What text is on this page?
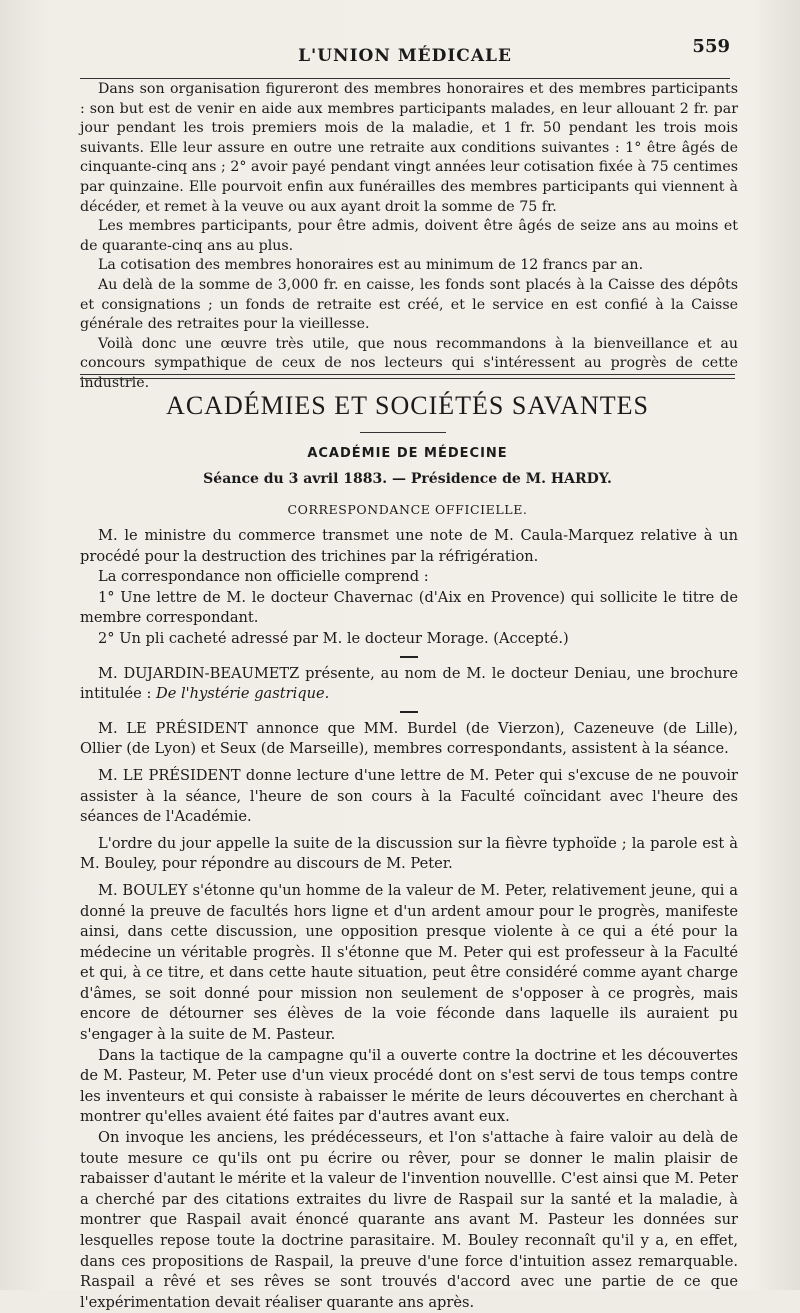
L'UNION MÉDICALE	559

Dans son organisation figureront des membres honoraires et des membres participants : son but est de venir en aide aux membres participants malades, en leur allouant 2 fr. par jour pendant les trois premiers mois de la maladie, et 1 fr. 50 pendant les trois mois suivants. Elle leur assure en outre une retraite aux conditions suivantes : 1° être âgés de cinquante-cinq ans ; 2° avoir payé pendant vingt années leur cotisation fixée à 75 centimes par quinzaine. Elle pourvoit enfin aux funérailles des membres participants qui viennent à décéder, et remet à la veuve ou aux ayant droit la somme de 75 fr.

Les membres participants, pour être admis, doivent être âgés de seize ans au moins et de quarante-cinq ans au plus.

La cotisation des membres honoraires est au minimum de 12 francs par an.

Au delà de la somme de 3,000 fr. en caisse, les fonds sont placés à la Caisse des dépôts et consignations ; un fonds de retraite est créé, et le service en est confié à la Caisse générale des retraites pour la vieillesse.

Voilà donc une œuvre très utile, que nous recommandons à la bienveillance et au concours sympathique de ceux de nos lecteurs qui s'intéressent au progrès de cette industrie.

ACADÉMIES ET SOCIÉTÉS SAVANTES
ACADÉMIE DE MÉDECINE
Séance du 3 avril 1883. — Présidence de M. HARDY.
CORRESPONDANCE OFFICIELLE.

M. le ministre du commerce transmet une note de M. Caula-Marquez relative à un procédé pour la destruction des trichines par la réfrigération.

La correspondance non officielle comprend :

1° Une lettre de M. le docteur Chavernac (d'Aix en Provence) qui sollicite le titre de membre correspondant.

2° Un pli cacheté adressé par M. le docteur Morage. (Accepté.)

M. DUJARDIN-BEAUMETZ présente, au nom de M. le docteur Deniau, une brochure intitulée : De l'hystérie gastrique.

M. LE PRÉSIDENT annonce que MM. Burdel (de Vierzon), Cazeneuve (de Lille), Ollier (de Lyon) et Seux (de Marseille), membres correspondants, assistent à la séance.

M. LE PRÉSIDENT donne lecture d'une lettre de M. Peter qui s'excuse de ne pouvoir assister à la séance, l'heure de son cours à la Faculté coïncidant avec l'heure des séances de l'Académie.

L'ordre du jour appelle la suite de la discussion sur la fièvre typhoïde ; la parole est à M. Bouley, pour répondre au discours de M. Peter.

M. BOULEY s'étonne qu'un homme de la valeur de M. Peter, relativement jeune, qui a donné la preuve de facultés hors ligne et d'un ardent amour pour le progrès, manifeste ainsi, dans cette discussion, une opposition presque violente à ce qui a été pour la médecine un véritable progrès. Il s'étonne que M. Peter qui est professeur à la Faculté et qui, à ce titre, et dans cette haute situation, peut être considéré comme ayant charge d'âmes, se soit donné pour mission non seulement de s'opposer à ce progrès, mais encore de détourner ses élèves de la voie féconde dans laquelle ils auraient pu s'engager à la suite de M. Pasteur.

Dans la tactique de la campagne qu'il a ouverte contre la doctrine et les découvertes de M. Pasteur, M. Peter use d'un vieux procédé dont on s'est servi de tous temps contre les inventeurs et qui consiste à rabaisser le mérite de leurs découvertes en cherchant à montrer qu'elles avaient été faites par d'autres avant eux.

On invoque les anciens, les prédécesseurs, et l'on s'attache à faire valoir au delà de toute mesure ce qu'ils ont pu écrire ou rêver, pour se donner le malin plaisir de rabaisser d'autant le mérite et la valeur de l'invention nouvellle. C'est ainsi que M. Peter a cherché par des citations extraites du livre de Raspail sur la santé et la maladie, à montrer que Raspail avait énoncé quarante ans avant M. Pasteur les données sur lesquelles repose toute la doctrine parasitaire. M. Bouley reconnaît qu'il y a, en effet, dans ces propositions de Raspail, la preuve d'une force d'intuition assez remarquable. Raspail a rêvé et ses rêves se sont trouvés d'accord avec une partie de ce que l'expérimentation devait réaliser quarante ans après.
